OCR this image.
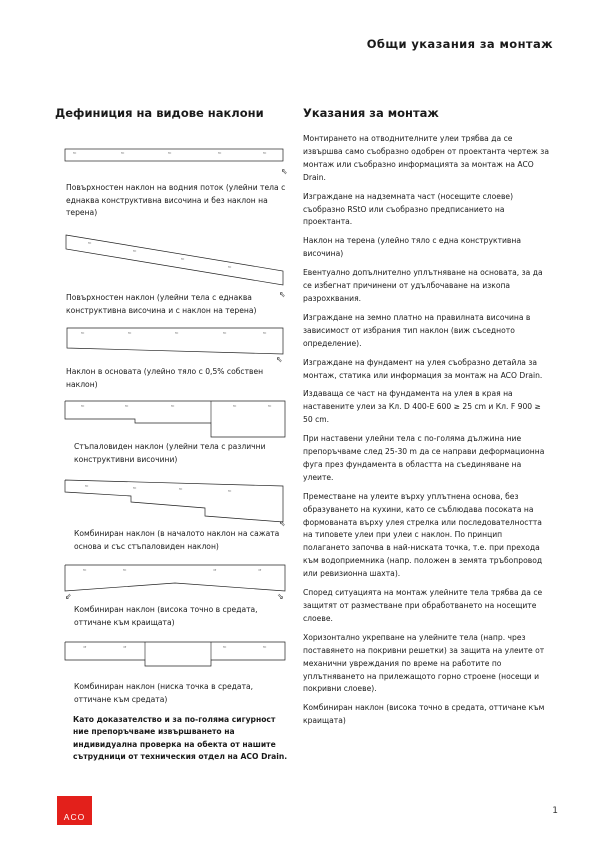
Общи указания за монтаж
Дефиниция на видове наклони
⇐	⇐	⇐	⇐	⇐
⇖
Повърхностен наклон на водния поток (улейни тела с еднаква конструктивна височина и без наклон на терена)
⇐
⇐
⇐
⇐
⇖
Повърхностен наклон (улейни тела с еднаква конструктивна височина и с наклон на терена)
⇐	⇐	⇐	⇐	⇐
⇖
Наклон в основата (улейно тяло с 0,5% собствен наклон)
⇐	⇐	⇐	⇐	⇐
Стъпаловиден наклон (улейни тела с различни конструктивни височини)
⇐	⇐	⇐	⇐
⇖
Комбиниран наклон (в началото наклон на сaжата основа и със стъпаловиден наклон)
⇐	⇐	⇒	⇒
⇙	⇘
Комбиниран наклон (висока точно в средата, оттичане към краищата)
⇒	⇒	⇐	⇐
Комбиниран наклон (ниска точка в средата, оттичане към средата)
Като доказателство и за по-голяма сигурност ние препоръчваме извършването на индивидуална проверка на обекта от нашите сътрудници от техническия отдел на ACO Drain.
Указания за монтаж

Монтирането на отводнителните улеи трябва да се извършва само съобразно одобрен от проектанта чертеж за монтаж или съобразно информацията за монтаж на ACO Drain.

Изграждане на надземната част (носещите слоеве) съобразно RStO или съобразно предписанието на проектанта.

Наклон на терена (улейно тяло с една конструктивна височина)

Евентуално допълнително уплътняване на основата, за да се избегнат причинени от удълбочаване на изкопа разрохквания.

Изграждане на земно платно на правилната височина в зависимост от избрания тип наклон (виж съседното определение).

Изграждане на фундамент на улея съобразно детайла за монтаж, статика или информация за монтаж на ACO Drain.

Издаваща се част на фундамента на улея в края на наставените улеи за Кл. D 400-E 600 ≥ 25 cm и Кл. F 900 ≥ 50 cm.

При наставени улейни тела с по-голяма дължина ние препоръчваме след 25-30 m да се направи деформационна фуга през фундамента в областта на съединяване на улеите.

Преместване на улеите върху уплътнена основа, без образуването на кухини, като се съблюдава посоката на формованата върху улея стрелка или последователността на типовете улеи при улеи с наклон. По принцип полагането започва в най-ниската точка, т.е. при прехода към водоприемника (напр. положен в земята тръбопровод или ревизионна шахта).

Според ситуацията на монтаж улейните тела трябва да се защитят от разместване при обработването на носещите слоеве.

Хоризонтално укрепване на улейните тела (напр. чрез поставянето на покривни решетки) за защита на улеите от механични увреждания по време на работите по уплътняването на прилежащото горно строене (носещи и покривни слоеве).

Комбиниран наклон (висока точно в средата, оттичане към краищата)

ACO
1
